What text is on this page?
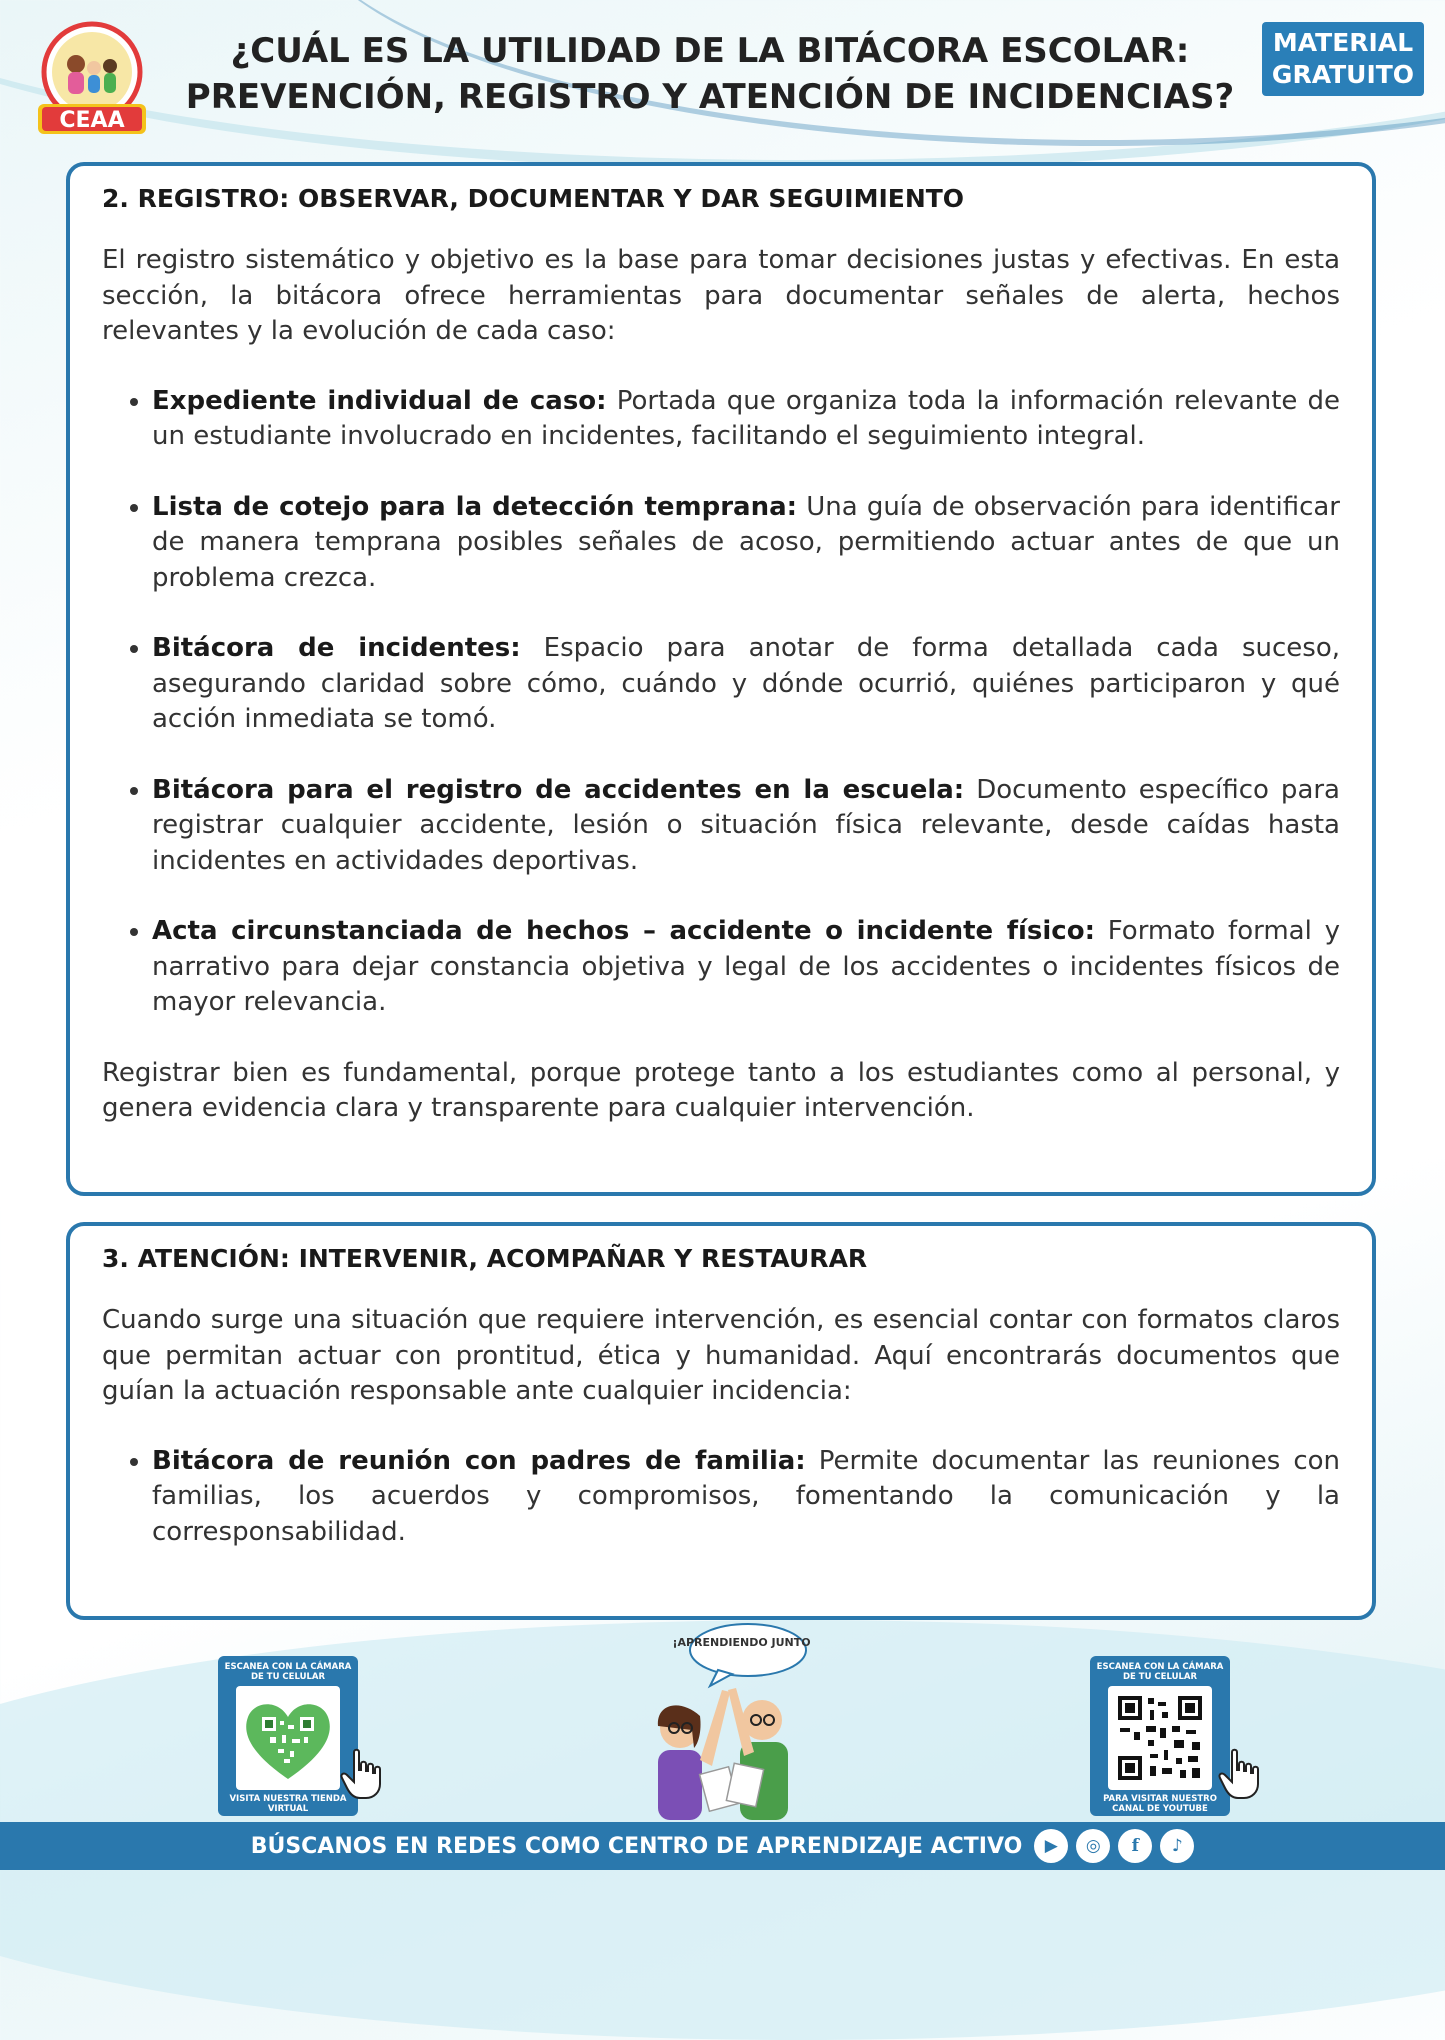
CEAA
¿CUÁL ES LA UTILIDAD DE LA BITÁCORA ESCOLAR:
PREVENCIÓN, REGISTRO Y ATENCIÓN DE INCIDENCIAS?
MATERIAL
GRATUITO
2. REGISTRO: OBSERVAR, DOCUMENTAR Y DAR SEGUIMIENTO

El registro sistemático y objetivo es la base para tomar decisiones justas y efectivas. En esta sección, la bitácora ofrece herramientas para documentar señales de alerta, hechos relevantes y la evolución de cada caso:

• Expediente individual de caso: Portada que organiza toda la información relevante de un estudiante involucrado en incidentes, facilitando el seguimiento integral.
• Lista de cotejo para la detección temprana: Una guía de observación para identificar de manera temprana posibles señales de acoso, permitiendo actuar antes de que un problema crezca.
• Bitácora de incidentes: Espacio para anotar de forma detallada cada suceso, asegurando claridad sobre cómo, cuándo y dónde ocurrió, quiénes participaron y qué acción inmediata se tomó.
• Bitácora para el registro de accidentes en la escuela: Documento específico para registrar cualquier accidente, lesión o situación física relevante, desde caídas hasta incidentes en actividades deportivas.
• Acta circunstanciada de hechos – accidente o incidente físico: Formato formal y narrativo para dejar constancia objetiva y legal de los accidentes o incidentes físicos de mayor relevancia.

Registrar bien es fundamental, porque protege tanto a los estudiantes como al personal, y genera evidencia clara y transparente para cualquier intervención.

3. ATENCIÓN: INTERVENIR, ACOMPAÑAR Y RESTAURAR

Cuando surge una situación que requiere intervención, es esencial contar con formatos claros que permitan actuar con prontitud, ética y humanidad. Aquí encontrarás documentos que guían la actuación responsable ante cualquier incidencia:

• Bitácora de reunión con padres de familia: Permite documentar las reuniones con familias, los acuerdos y compromisos, fomentando la comunicación y la corresponsabilidad.
ESCANEA CON LA CÁMARA DE TU CELULAR
VISITA NUESTRA TIENDA VIRTUAL
¡APRENDIENDO JUNTOS!
ESCANEA CON LA CÁMARA DE TU CELULAR
PARA VISITAR NUESTRO CANAL DE YOUTUBE
BÚSCANOS EN REDES COMO CENTRO DE APRENDIZAJE ACTIVO	▶	◎	f	♪
